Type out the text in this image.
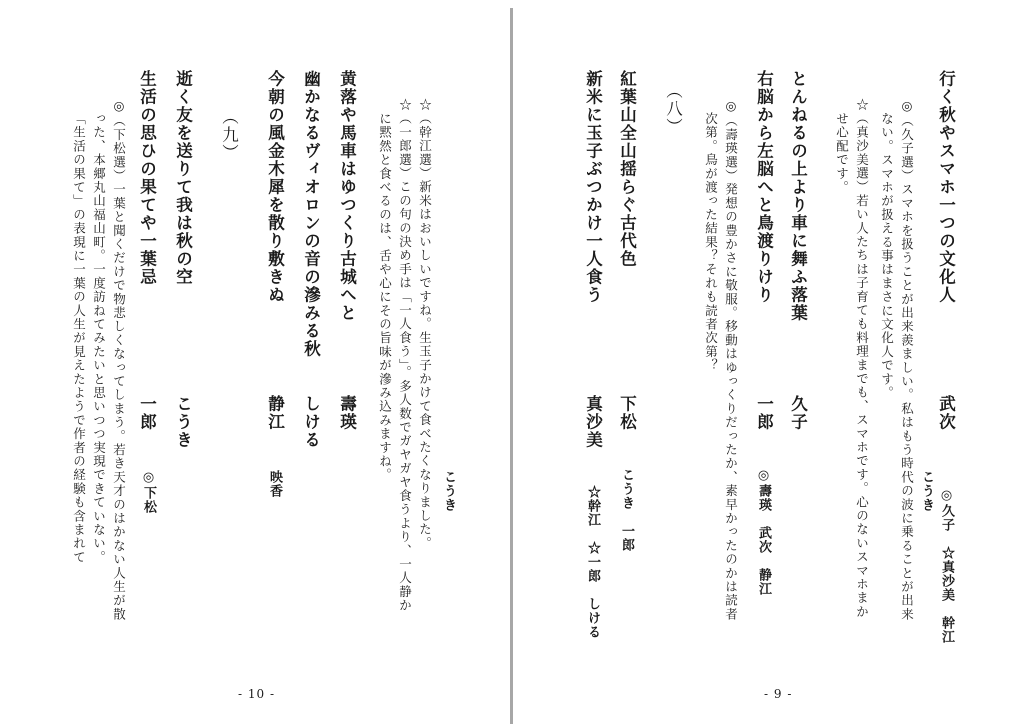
行く秋やスマホ一つの文化人
武次
◎久子　☆真沙美　幹江
こうき
◎（久子選）スマホを扱うことが出来羨ましい。私はもう時代の波に乗ることが出来
ない。スマホが扱える事はまさに文化人です。
☆（真沙美選）若い人たちは子育ても料理までも、スマホです。心のないスマホまか
せ心配です。
とんねるの上より車に舞ふ落葉
久子
右脳から左脳へと鳥渡りけり
一郎
◎壽瑛　武次　静江
◎（壽瑛選）発想の豊かさに敬服。移動はゆっくりだったか、素早かったのかは読者
次第。鳥が渡った結果？それも読者次第？
（八）
紅葉山全山揺らぐ古代色
下松
こうき　一郎
新米に玉子ぶつかけ一人食う
真沙美
☆幹江　☆一郎　しける
- 9 -
こうき
☆（幹江選）新米はおいしいですね。生玉子かけて食べたくなりました。
☆（一郎選）この句の決め手は「一人食う」。多人数でガヤガヤ食うより、一人静か
に黙然と食べるのは、舌や心にその旨味が滲み込みますね。
黄落や馬車はゆつくり古城へと
壽瑛
幽かなるヴィオロンの音の滲みる秋
しける
今朝の風金木犀を散り敷きぬ
静江
映香
（九）
逝く友を送りて我は秋の空
こうき
生活の思ひの果てや一葉忌
一郎
◎下松
◎（下松選）一葉と聞くだけで物悲しくなってしまう。若き天才のはかない人生が散
った、本郷丸山福山町。一度訪ねてみたいと思いつつ実現できていない。
「生活の果て」の表現に一葉の人生が見えたようで作者の経験も含まれて
- 10 -
